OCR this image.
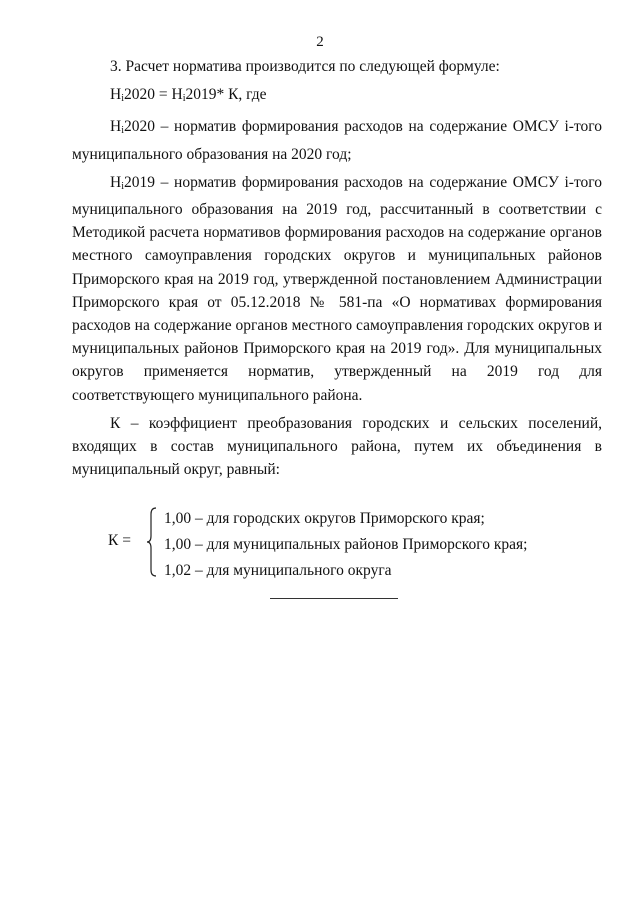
2

3. Расчет норматива производится по следующей формуле:

$Н_i2020 = Н_i2019*$ К, где

$Н_i2020$ – норматив формирования расходов на содержание ОМСУ i-того муниципального образования на 2020 год;

$Н_i2019$ – норматив формирования расходов на содержание ОМСУ i-того муниципального образования на 2019 год, рассчитанный в соответствии с Методикой расчета нормативов формирования расходов на содержание органов местного самоуправления городских округов и муниципальных районов Приморского края на 2019 год, утвержденной постановлением Администрации Приморского края от 05.12.2018 № 581-па «О нормативах формирования расходов на содержание органов местного самоуправления городских округов и муниципальных районов Приморского края на 2019 год». Для муниципальных округов применяется норматив, утвержденный на 2019 год для соответствующего муниципального района.

К – коэффициент преобразования городских и сельских поселений, входящих в состав муниципального района, путем их объединения в муниципальный округ, равный:

К =
1,00 – для городских округов Приморского края;
1,00 – для муниципальных районов Приморского края;
1,02 – для муниципального округа
